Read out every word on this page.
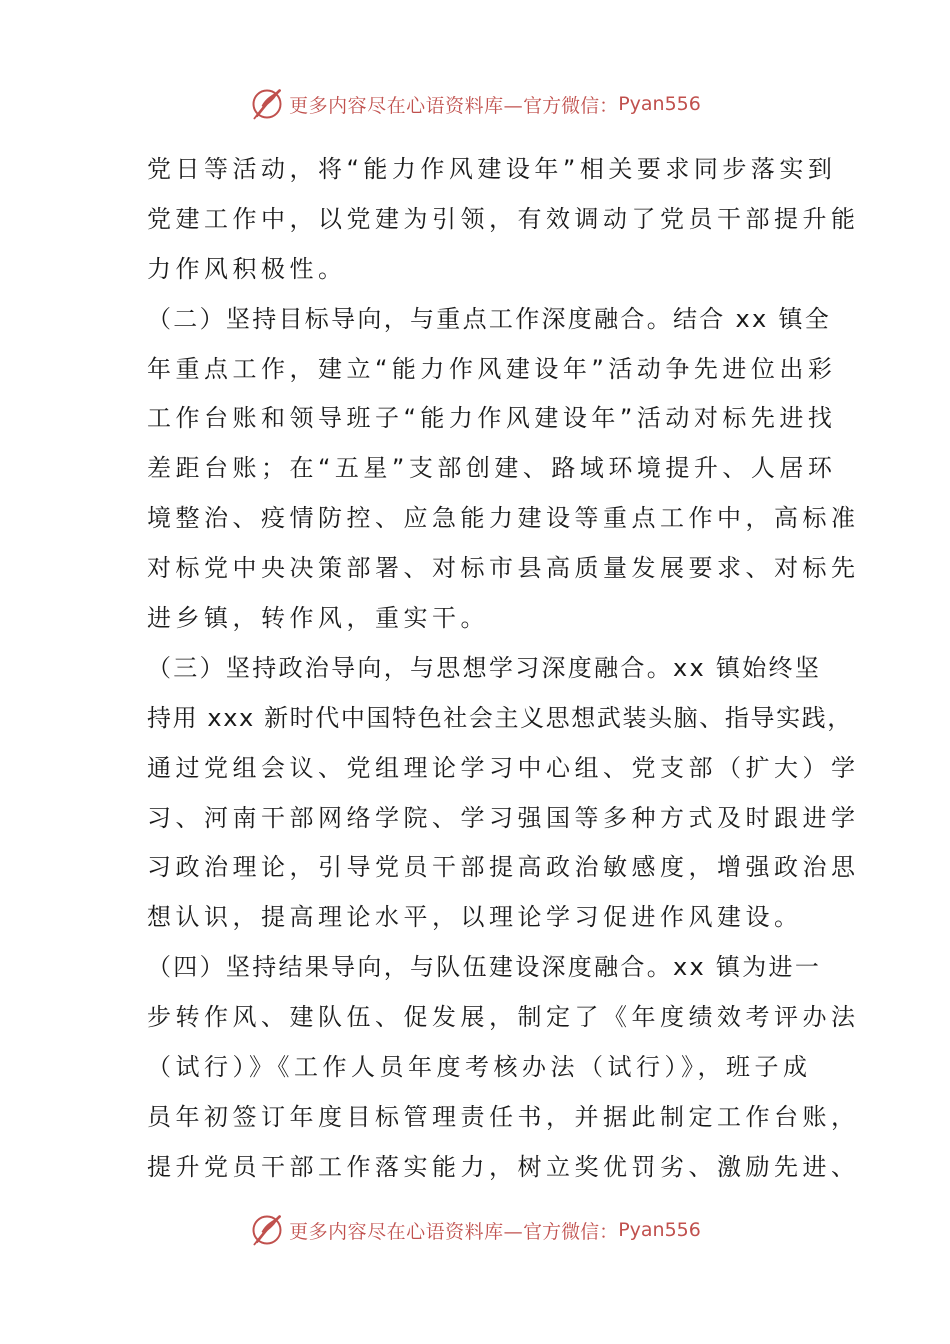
更多内容尽在心语资料库— 官方微信： Pyan556
党日等活动，将“能力作风建设年”相关要求同步落实到
党建工作中，以党建为引领，有效调动了党员干部提升能
力作风积极性。
（二）坚持目标导向，与重点工作深度融合。结合 xx 镇全
年重点工作，建立“能力作风建设年”活动争先进位出彩
工作台账和领导班子“能力作风建设年”活动对标先进找
差距台账；在“五星”支部创建、路域环境提升、人居环
境整治、疫情防控、应急能力建设等重点工作中，高标准
对标党中央决策部署、对标市县高质量发展要求、对标先
进乡镇，转作风，重实干。
（三）坚持政治导向，与思想学习深度融合。xx 镇始终坚
持用 xxx 新时代中国特色社会主义思想武装头脑、指导实践，
通过党组会议、党组理论学习中心组、党支部（扩大）学
习、河南干部网络学院、学习强国等多种方式及时跟进学
习政治理论，引导党员干部提高政治敏感度，增强政治思
想认识，提高理论水平，以理论学习促进作风建设。
（四）坚持结果导向，与队伍建设深度融合。xx 镇为进一
步转作风、建队伍、促发展，制定了《年度绩效考评办法
（试行）》《工作人员年度考核办法（试行）》，班子成
员年初签订年度目标管理责任书，并据此制定工作台账，
提升党员干部工作落实能力，树立奖优罚劣、激励先进、
更多内容尽在心语资料库— 官方微信： Pyan556
